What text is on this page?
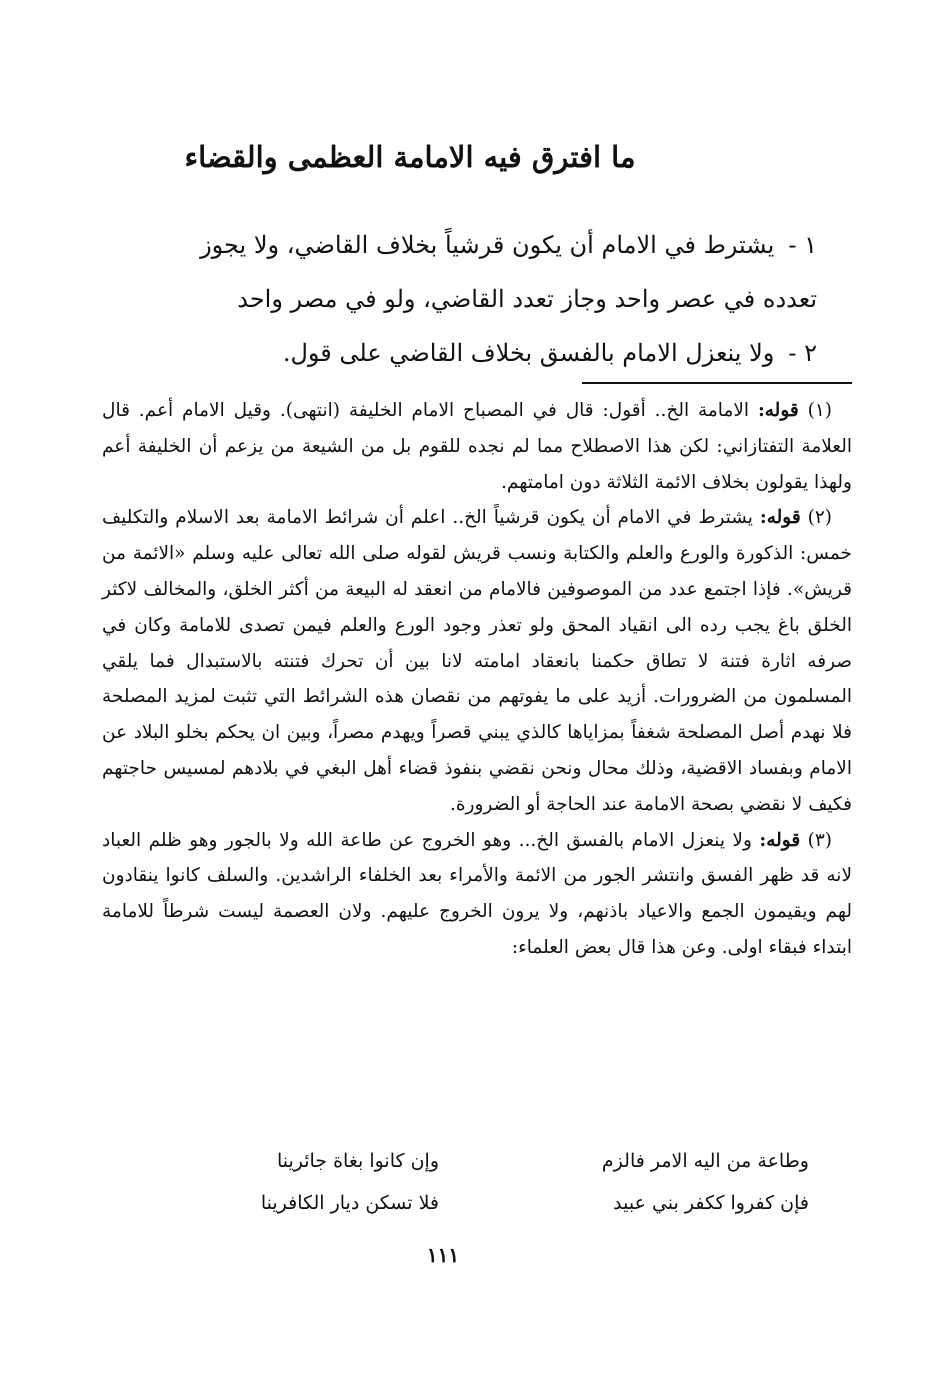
ما افترق فيه الامامة العظمى والقضاء

١ -يشترط في الامام أن يكون قرشياً بخلاف القاضي، ولا يجوز

تعدده في عصر واحد وجاز تعدد القاضي، ولو في مصر واحد

٢ -ولا ينعزل الامام بالفسق بخلاف القاضي على قول.

(١) قوله: الامامة الخ.. أقول: قال في المصباح الامام الخليفة (انتهى). وقيل الامام أعم. قال العلامة التفتازاني: لكن هذا الاصطلاح مما لم نجده للقوم بل من الشيعة من يزعم أن الخليفة أعم ولهذا يقولون بخلاف الائمة الثلاثة دون امامتهم.

(٢) قوله: يشترط في الامام أن يكون قرشياً الخ.. اعلم أن شرائط الامامة بعد الاسلام والتكليف خمس: الذكورة والورع والعلم والكتابة ونسب قريش لقوله صلى الله تعالى عليه وسلم «الائمة من قريش». فإذا اجتمع عدد من الموصوفين فالامام من انعقد له البيعة من أكثر الخلق، والمخالف لاكثر الخلق باغ يجب رده الى انقياد المحق ولو تعذر وجود الورع والعلم فيمن تصدى للامامة وكان في صرفه اثارة فتنة لا تطاق حكمنا بانعقاد امامته لانا بين أن تحرك فتنته بالاستبدال فما يلقي المسلمون من الضرورات. أزيد على ما يفوتهم من نقصان هذه الشرائط التي تثبت لمزيد المصلحة فلا نهدم أصل المصلحة شغفاً بمزاياها كالذي يبني قصراً ويهدم مصراً، وبين ان يحكم بخلو البلاد عن الامام وبفساد الاقضية، وذلك محال ونحن نقضي بنفوذ قضاء أهل البغي في بلادهم لمسيس حاجتهم فكيف لا نقضي بصحة الامامة عند الحاجة أو الضرورة.

(٣) قوله: ولا ينعزل الامام بالفسق الخ... وهو الخروج عن طاعة الله ولا بالجور وهو ظلم العباد لانه قد ظهر الفسق وانتشر الجور من الائمة والأمراء بعد الخلفاء الراشدين. والسلف كانوا ينقادون لهم ويقيمون الجمع والاعياد باذنهم، ولا يرون الخروج عليهم. ولان العصمة ليست شرطاً للامامة ابتداء فبقاء اولى. وعن هذا قال بعض العلماء:

وطاعة من اليه الامر فالزم
وإن كانوا بغاة جائرينا
فإن كفروا ككفر بني عبيد
فلا تسكن ديار الكافرينا
١١١
